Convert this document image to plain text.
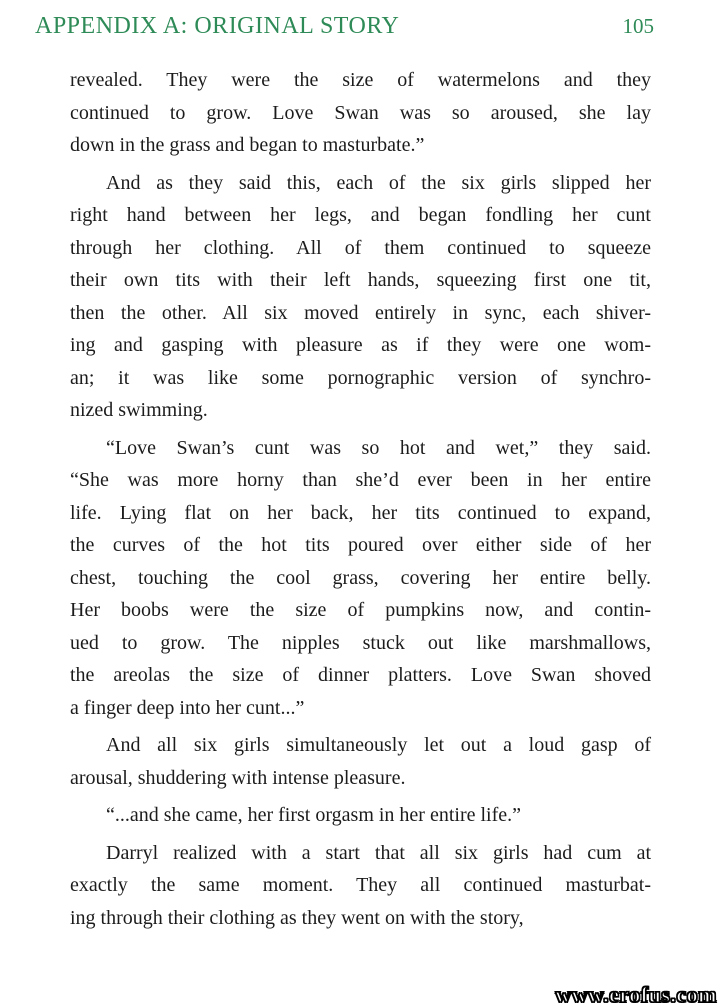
APPENDIX A: ORIGINAL STORY	105

revealed. They were the size of watermelons and they
continued to grow. Love Swan was so aroused, she lay
down in the grass and began to masturbate.”

And as they said this, each of the six girls slipped her
right hand between her legs, and began fondling her cunt
through her clothing. All of them continued to squeeze
their own tits with their left hands, squeezing first one tit,
then the other. All six moved entirely in sync, each shiver-
ing and gasping with pleasure as if they were one wom-
an; it was like some pornographic version of synchro-
nized swimming.

“Love Swan’s cunt was so hot and wet,” they said.
“She was more horny than she’d ever been in her entire
life. Lying flat on her back, her tits continued to expand,
the curves of the hot tits poured over either side of her
chest, touching the cool grass, covering her entire belly.
Her boobs were the size of pumpkins now, and contin-
ued to grow. The nipples stuck out like marshmallows,
the areolas the size of dinner platters. Love Swan shoved
a finger deep into her cunt...”

And all six girls simultaneously let out a loud gasp of
arousal, shuddering with intense pleasure.

“...and she came, her first orgasm in her entire life.”

Darryl realized with a start that all six girls had cum at
exactly the same moment. They all continued masturbat-
ing through their clothing as they went on with the story,

www.erofus.com
